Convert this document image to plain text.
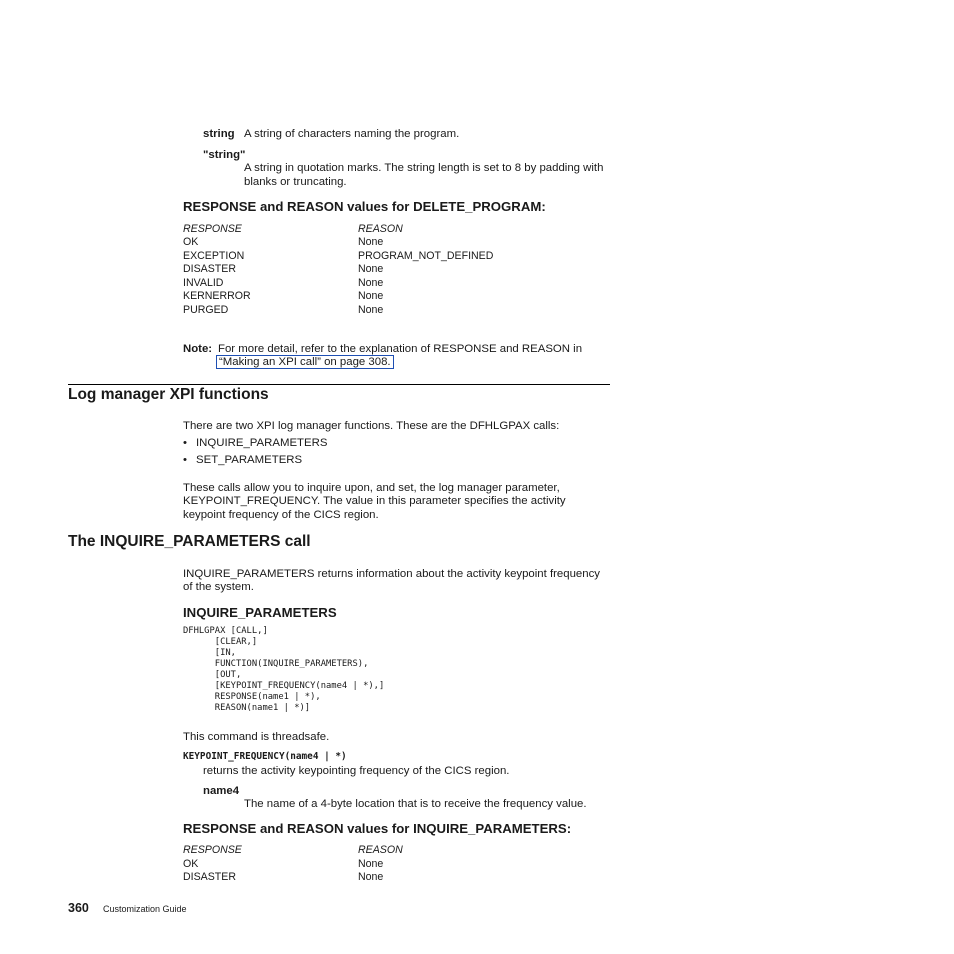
string A string of characters naming the program.
"string"
A string in quotation marks. The string length is set to 8 by padding with
blanks or truncating.
RESPONSE and REASON values for DELETE_PROGRAM:
RESPONSE	REASON
OK	None
EXCEPTION	PROGRAM_NOT_DEFINED
DISASTER	None
INVALID	None
KERNERROR	None
PURGED	None
Note: For more detail, refer to the explanation of RESPONSE and REASON in
“Making an XPI call” on page 308.
Log manager XPI functions
There are two XPI log manager functions. These are the DFHLGPAX calls:
• INQUIRE_PARAMETERS
• SET_PARAMETERS
These calls allow you to inquire upon, and set, the log manager parameter,
KEYPOINT_FREQUENCY. The value in this parameter specifies the activity
keypoint frequency of the CICS region.
The INQUIRE_PARAMETERS call
INQUIRE_PARAMETERS returns information about the activity keypoint frequency
of the system.
INQUIRE_PARAMETERS
DFHLGPAX [CALL,]
[CLEAR,]
[IN,
FUNCTION(INQUIRE_PARAMETERS),
[OUT,
[KEYPOINT_FREQUENCY(name4 | *),]
RESPONSE(name1 | *),
REASON(name1 | *)]
This command is threadsafe.
KEYPOINT_FREQUENCY(name4 | *)
returns the activity keypointing frequency of the CICS region.
name4
The name of a 4-byte location that is to receive the frequency value.
RESPONSE and REASON values for INQUIRE_PARAMETERS:
RESPONSE	REASON
OK	None
DISASTER	None
360 Customization Guide
